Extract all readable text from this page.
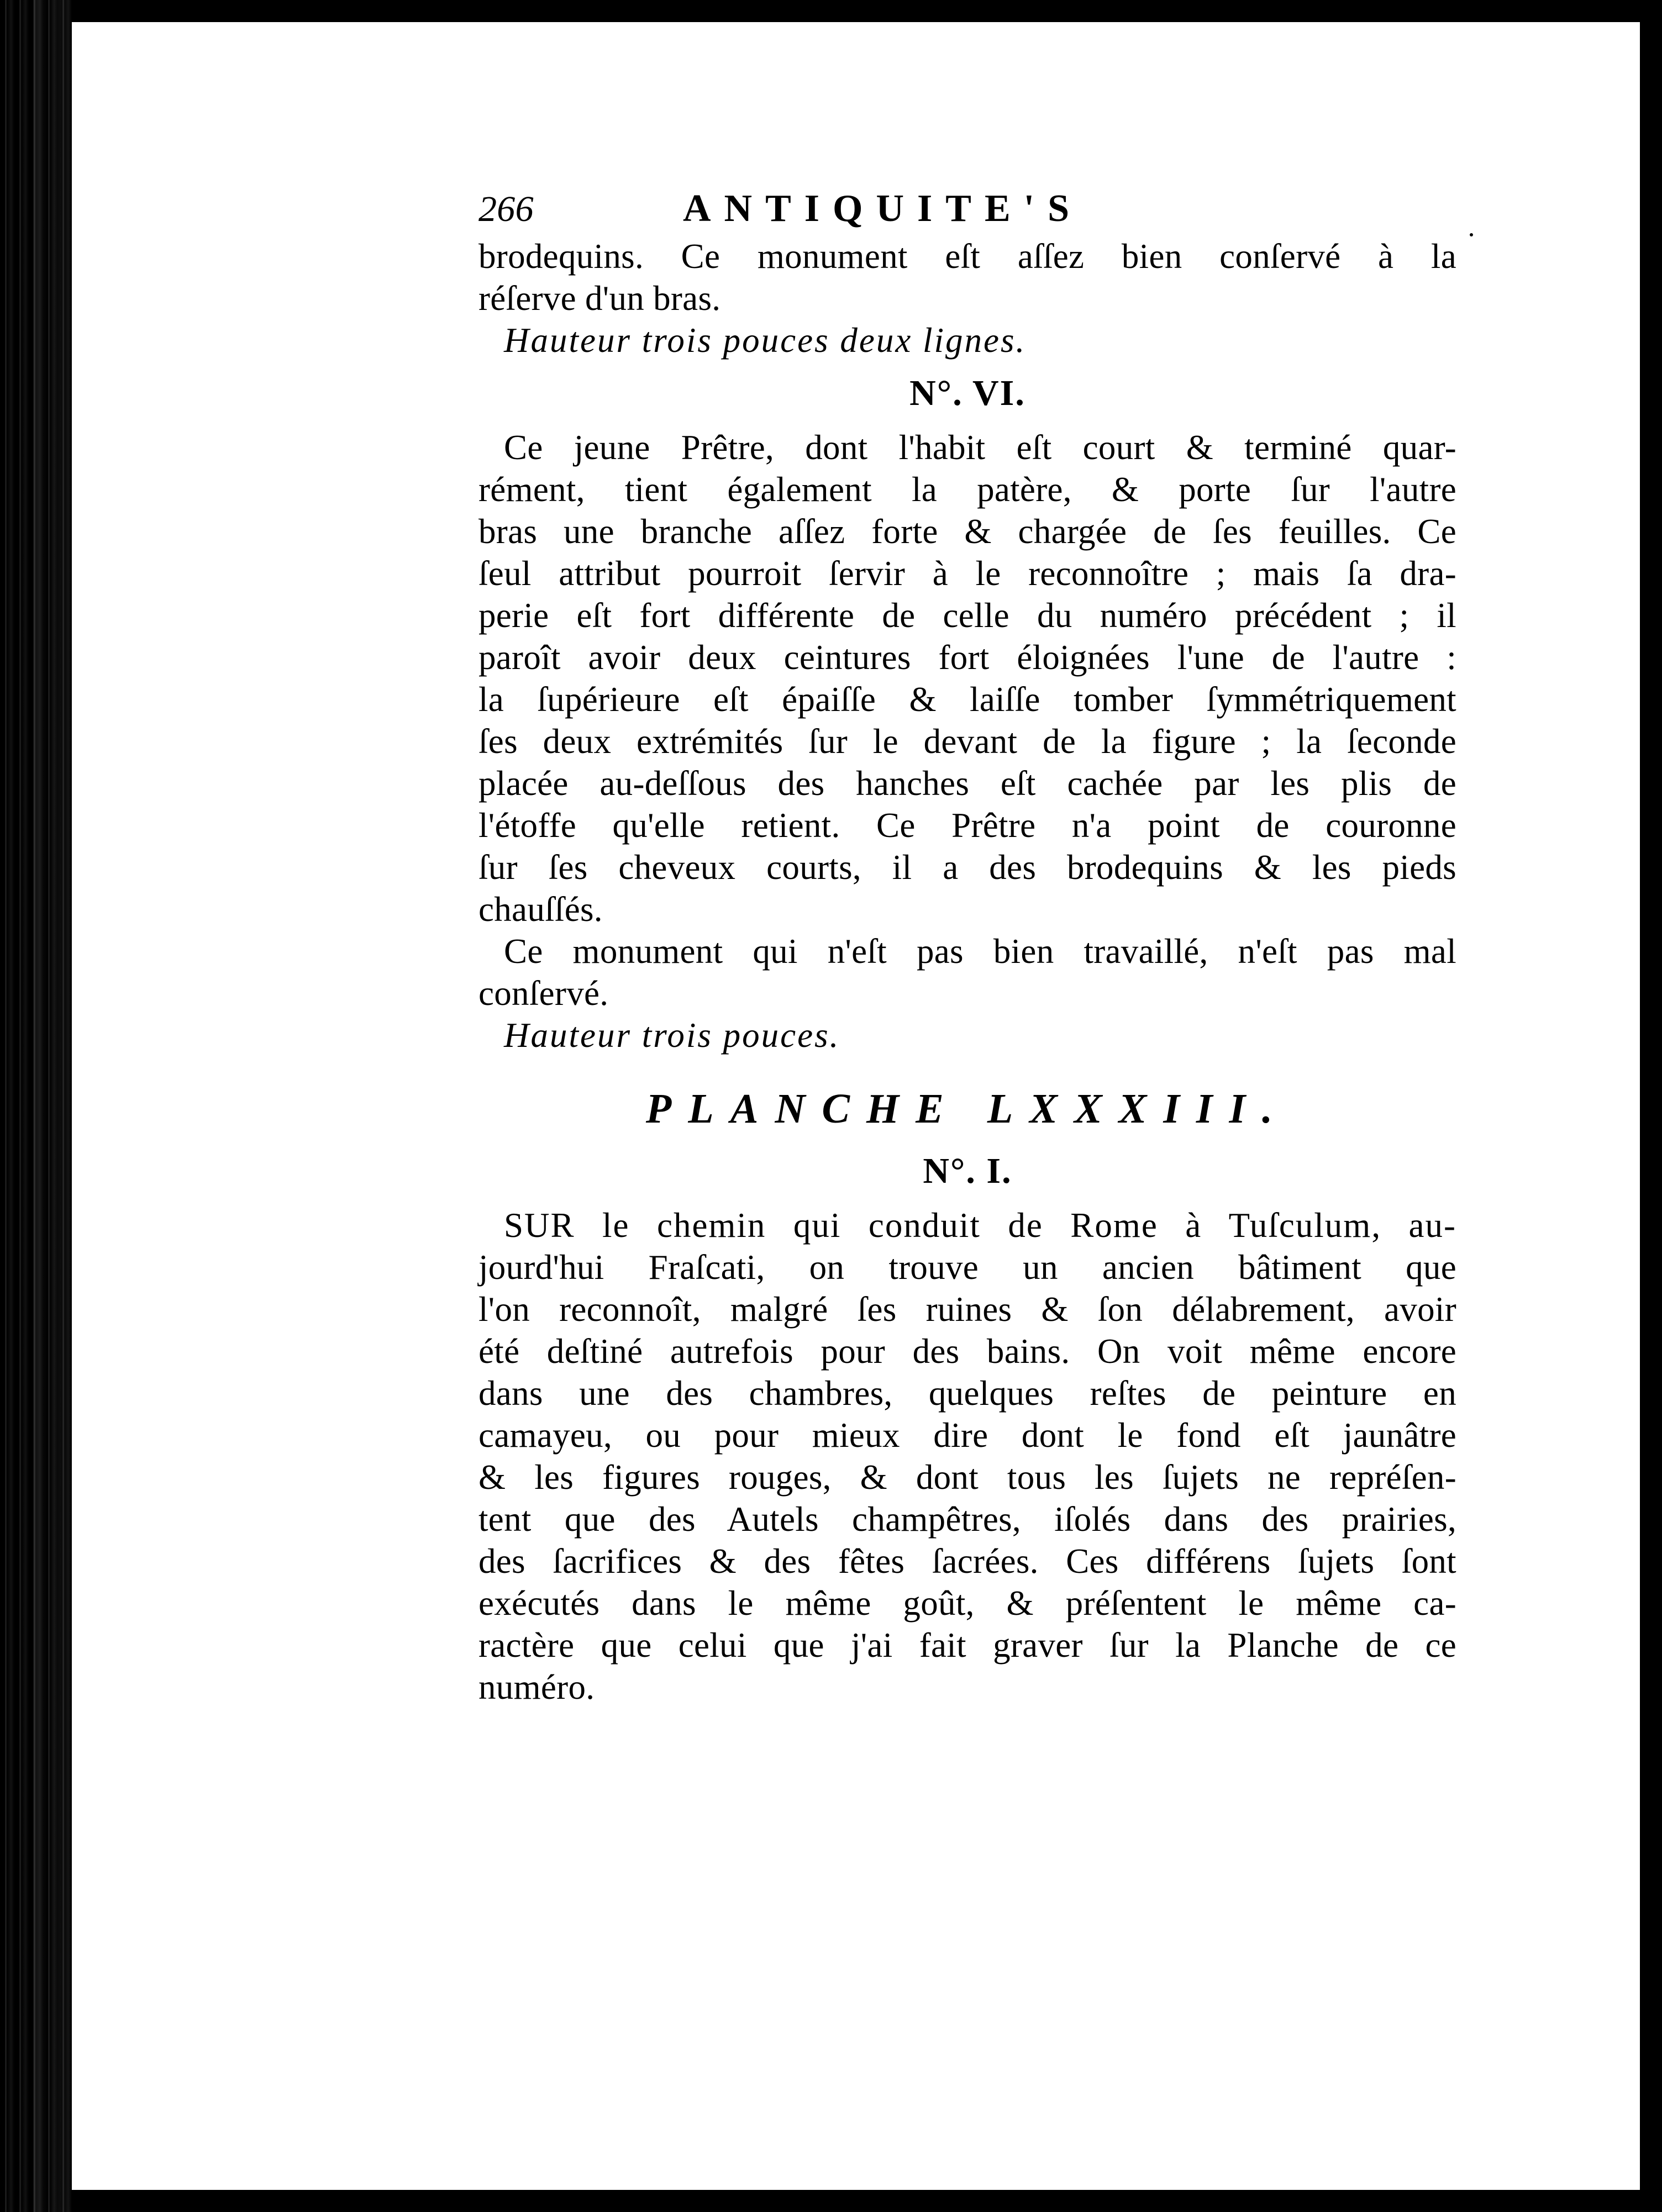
266	ANTIQUITE'S
brodequins. Ce monument eſt aſſez bien conſervé à la
réſerve d'un bras.
Hauteur trois pouces deux lignes.
N°. VI.
Ce jeune Prêtre, dont l'habit eſt court & terminé quar-
rément, tient également la patère, & porte ſur l'autre
bras une branche aſſez forte & chargée de ſes feuilles. Ce
ſeul attribut pourroit ſervir à le reconnoître ; mais ſa dra-
perie eſt fort différente de celle du numéro précédent ; il
paroît avoir deux ceintures fort éloignées l'une de l'autre :
la ſupérieure eſt épaiſſe & laiſſe tomber ſymmétriquement
ſes deux extrémités ſur le devant de la figure ; la ſeconde
placée au-deſſous des hanches eſt cachée par les plis de
l'étoffe qu'elle retient. Ce Prêtre n'a point de couronne
ſur ſes cheveux courts, il a des brodequins & les pieds
chauſſés.
Ce monument qui n'eſt pas bien travaillé, n'eſt pas mal
conſervé.
Hauteur trois pouces.
PLANCHE LXXXIII.
N°. I.
SUR le chemin qui conduit de Rome à Tuſculum, au-
jourd'hui Fraſcati, on trouve un ancien bâtiment que
l'on reconnoît, malgré ſes ruines & ſon délabrement, avoir
été deſtiné autrefois pour des bains. On voit même encore
dans une des chambres, quelques reſtes de peinture en
camayeu, ou pour mieux dire dont le fond eſt jaunâtre
& les figures rouges, & dont tous les ſujets ne repréſen-
tent que des Autels champêtres, iſolés dans des prairies,
des ſacrifices & des fêtes ſacrées. Ces différens ſujets ſont
exécutés dans le même goût, & préſentent le même ca-
ractère que celui que j'ai fait graver ſur la Planche de ce
numéro.
